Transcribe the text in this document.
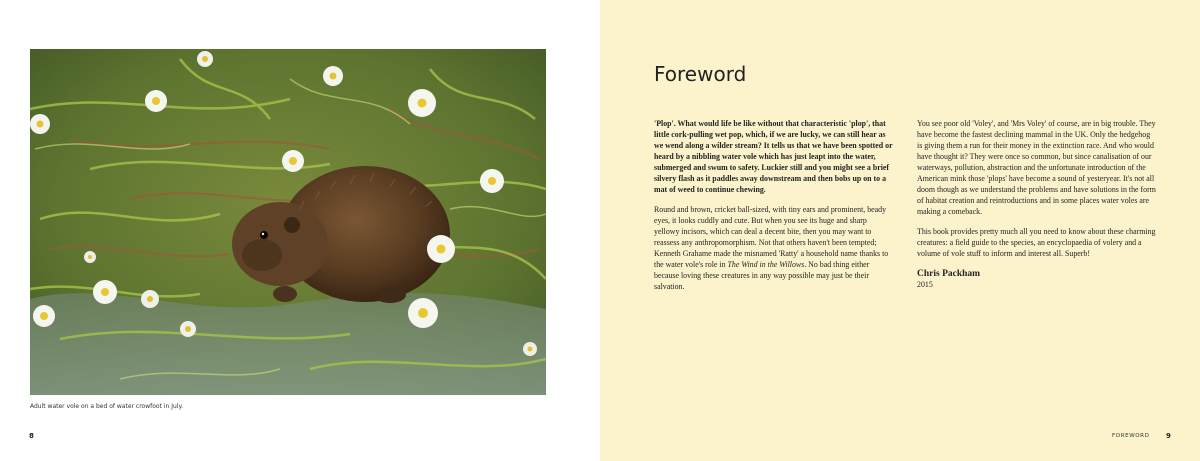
Adult water vole on a bed of water crowfoot in July.
8
Foreword

'Plop'. What would life be like without that characteristic 'plop', that little cork-pulling wet pop, which, if we are lucky, we can still hear as we wend along a wilder stream? It tells us that we have been spotted or heard by a nibbling water vole which has just leapt into the water, submerged and swum to safety. Luckier still and you might see a brief silvery flash as it paddles away downstream and then bobs up on to a mat of weed to continue chewing.

Round and brown, cricket ball-sized, with tiny ears and prominent, beady eyes, it looks cuddly and cute. But when you see its huge and sharp yellowy incisors, which can deal a decent bite, then you may want to reassess any anthropomorphism. Not that others haven't been tempted; Kenneth Grahame made the misnamed 'Ratty' a household name thanks to the water vole's role in The Wind in the Willows. No bad thing either because loving these creatures in any way possible may just be their salvation.

You see poor old 'Voley', and 'Mrs Voley' of course, are in big trouble. They have become the fastest declining mammal in the UK. Only the hedgehog is giving them a run for their money in the extinction race. And who would have thought it? They were once so common, but since canalisation of our waterways, pollution, abstraction and the unfortunate introduction of the American mink those 'plops' have become a sound of yesteryear. It's not all doom though as we understand the problems and have solutions in the form of habitat creation and reintroductions and in some places water voles are making a comeback.

This book provides pretty much all you need to know about these charming creatures: a field guide to the species, an encyclopaedia of volery and a volume of vole stuff to inform and interest all. Superb!

Chris Packham
2015
FOREWORD 9
